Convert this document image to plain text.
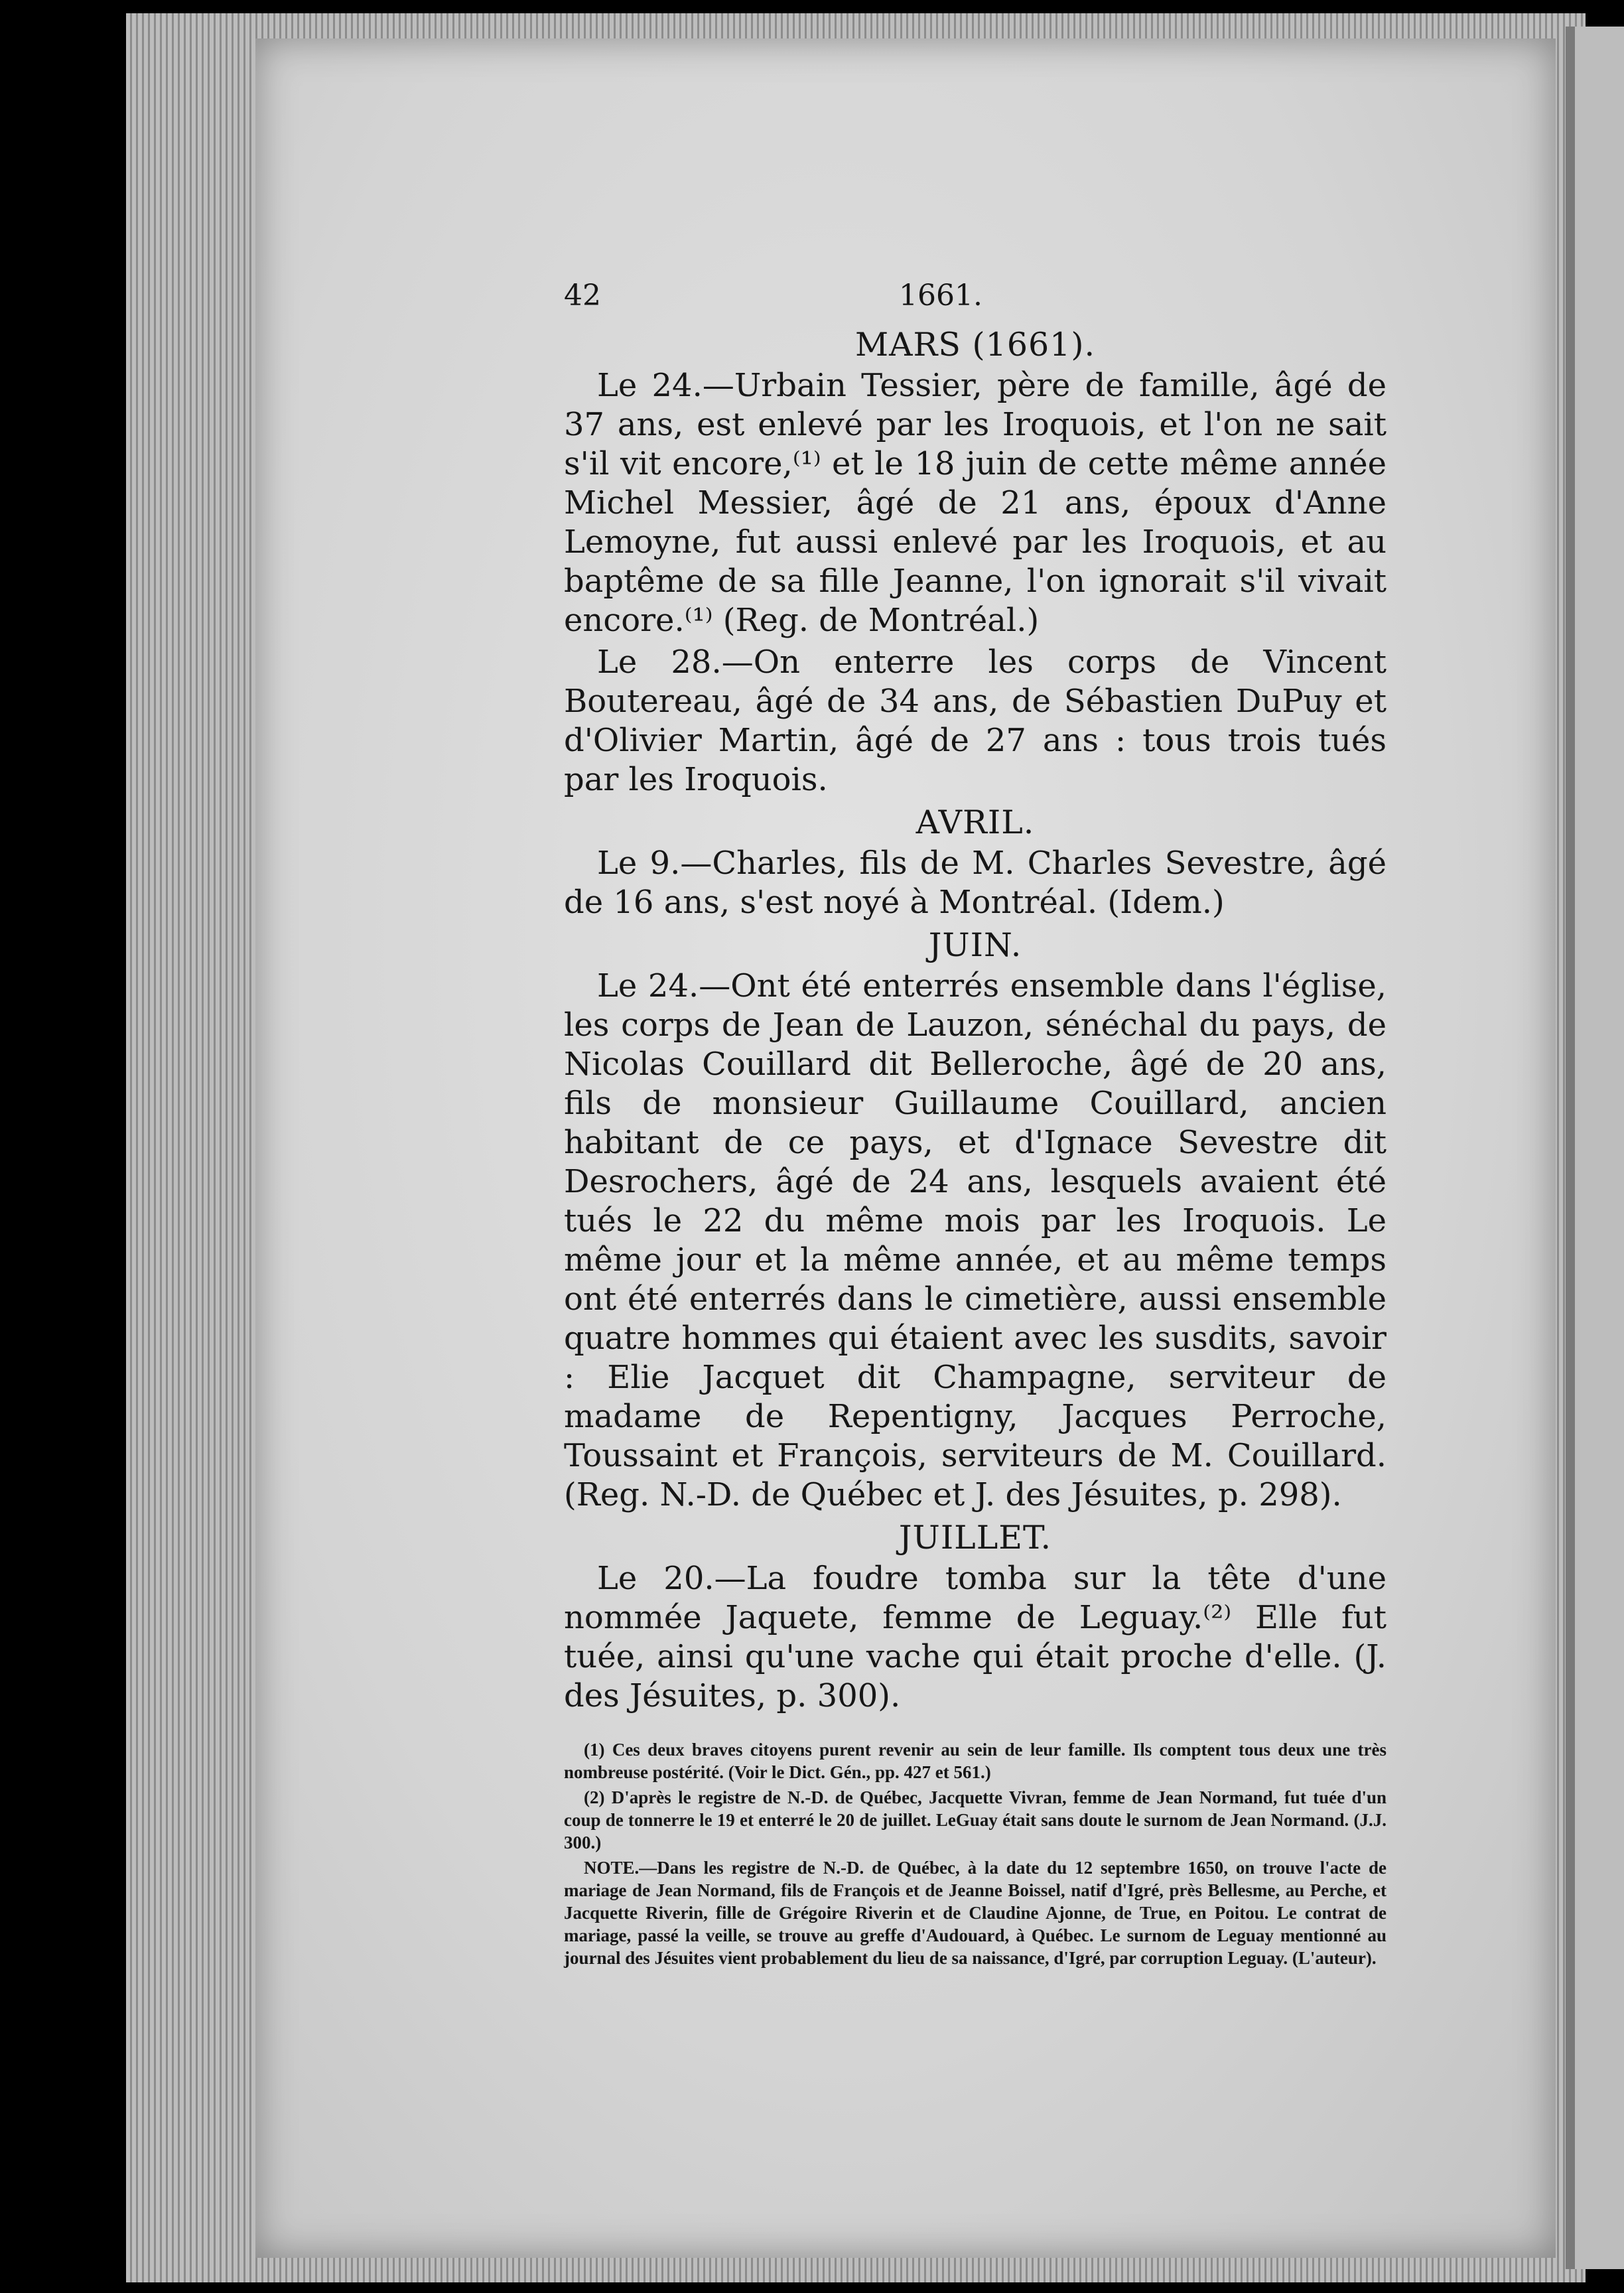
42	1661.
MARS (1661).

Le 24.—Urbain Tessier, père de famille, âgé de 37 ans, est enlevé par les Iroquois, et l'on ne sait s'il vit encore,⁽¹⁾ et le 18 juin de cette même année Michel Messier, âgé de 21 ans, époux d'Anne Lemoyne, fut aussi enlevé par les Iroquois, et au baptême de sa fille Jeanne, l'on ignorait s'il vivait encore.⁽¹⁾ (Reg. de Montréal.)

Le 28.—On enterre les corps de Vincent Boutereau, âgé de 34 ans, de Sébastien DuPuy et d'Olivier Martin, âgé de 27 ans : tous trois tués par les Iroquois.

AVRIL.

Le 9.—Charles, fils de M. Charles Sevestre, âgé de 16 ans, s'est noyé à Montréal. (Idem.)

JUIN.

Le 24.—Ont été enterrés ensemble dans l'église, les corps de Jean de Lauzon, sénéchal du pays, de Nicolas Couillard dit Belleroche, âgé de 20 ans, fils de monsieur Guillaume Couillard, ancien habitant de ce pays, et d'Ignace Sevestre dit Desrochers, âgé de 24 ans, lesquels avaient été tués le 22 du même mois par les Iroquois. Le même jour et la même année, et au même temps ont été enterrés dans le cimetière, aussi ensemble quatre hommes qui étaient avec les susdits, savoir : Elie Jacquet dit Champagne, serviteur de madame de Repentigny, Jacques Perroche, Toussaint et François, serviteurs de M. Couillard. (Reg. N.-D. de Québec et J. des Jésuites, p. 298).

JUILLET.

Le 20.—La foudre tomba sur la tête d'une nommée Jaquete, femme de Leguay.⁽²⁾ Elle fut tuée, ainsi qu'une vache qui était proche d'elle. (J. des Jésuites, p. 300).

(1) Ces deux braves citoyens purent revenir au sein de leur famille. Ils comptent tous deux une très nombreuse postérité. (Voir le Dict. Gén., pp. 427 et 561.)

(2) D'après le registre de N.-D. de Québec, Jacquette Vivran, femme de Jean Normand, fut tuée d'un coup de tonnerre le 19 et enterré le 20 de juillet. LeGuay était sans doute le surnom de Jean Normand. (J.J. 300.)

NOTE.—Dans les registre de N.-D. de Québec, à la date du 12 septembre 1650, on trouve l'acte de mariage de Jean Normand, fils de François et de Jeanne Boissel, natif d'Igré, près Bellesme, au Perche, et Jacquette Riverin, fille de Grégoire Riverin et de Claudine Ajonne, de True, en Poitou. Le contrat de mariage, passé la veille, se trouve au greffe d'Audouard, à Québec. Le surnom de Leguay mentionné au journal des Jésuites vient probablement du lieu de sa naissance, d'Igré, par corruption Leguay. (L'auteur).
